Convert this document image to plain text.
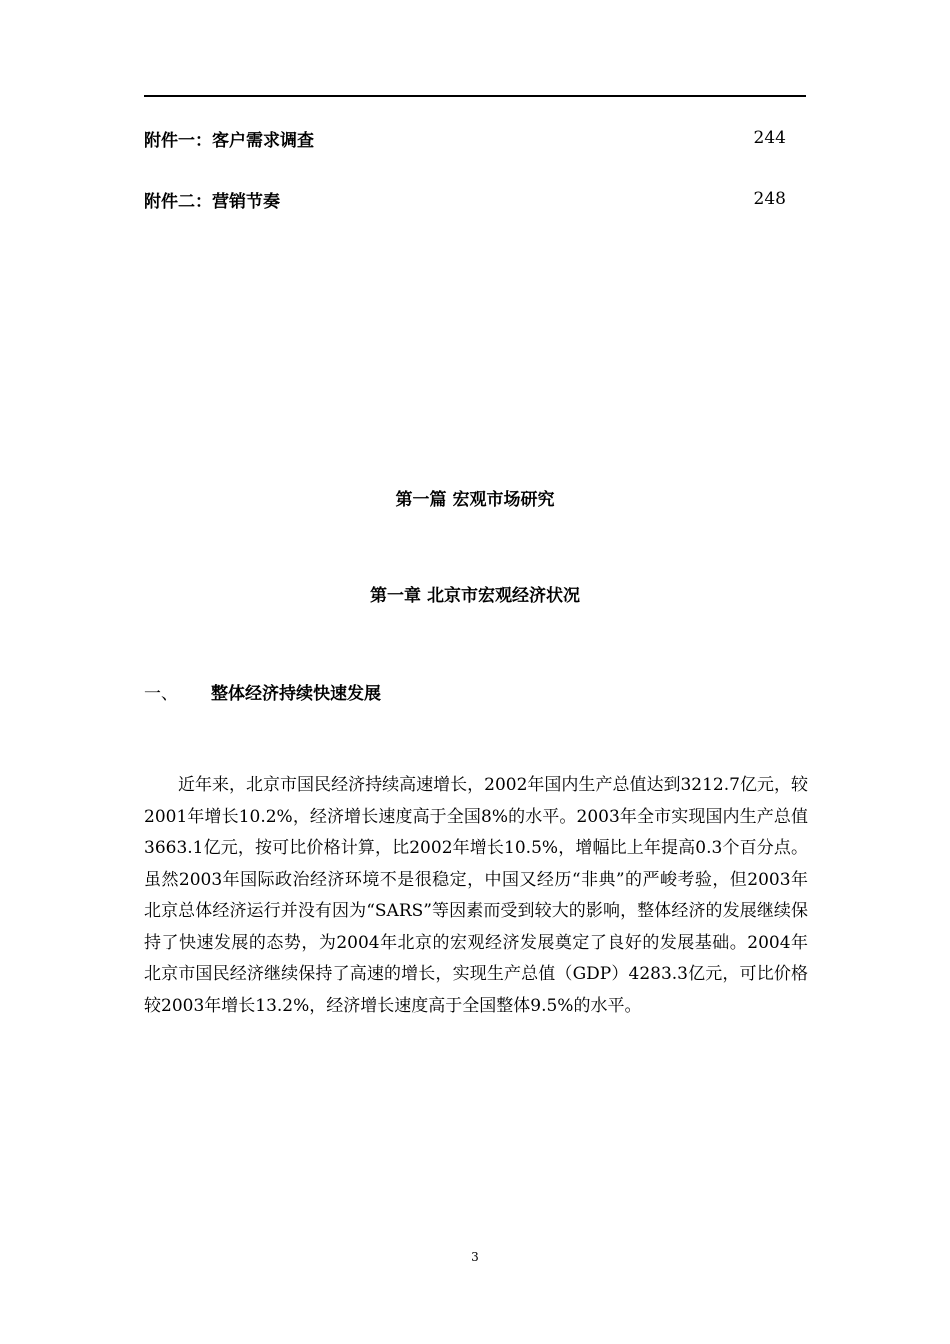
附件一：客户需求调查	244
附件二：营销节奏	248
第一篇 宏观市场研究
第一章 北京市宏观经济状况
一、	整体经济持续快速发展

近年来，北京市国民经济持续高速增长，2002年国内生产总值达到3212.7亿元，较2001年增长10.2%，经济增长速度高于全国8%的水平。2003年全市实现国内生产总值3663.1亿元，按可比价格计算，比2002年增长10.5%，增幅比上年提高0.3个百分点。虽然2003年国际政治经济环境不是很稳定，中国又经历“非典”的严峻考验，但2003年北京总体经济运行并没有因为“SARS”等因素而受到较大的影响，整体经济的发展继续保持了快速发展的态势，为2004年北京的宏观经济发展奠定了良好的发展基础。2004年北京市国民经济继续保持了高速的增长，实现生产总值（GDP）4283.3亿元，可比价格较2003年增长13.2%，经济增长速度高于全国整体9.5%的水平。

3
